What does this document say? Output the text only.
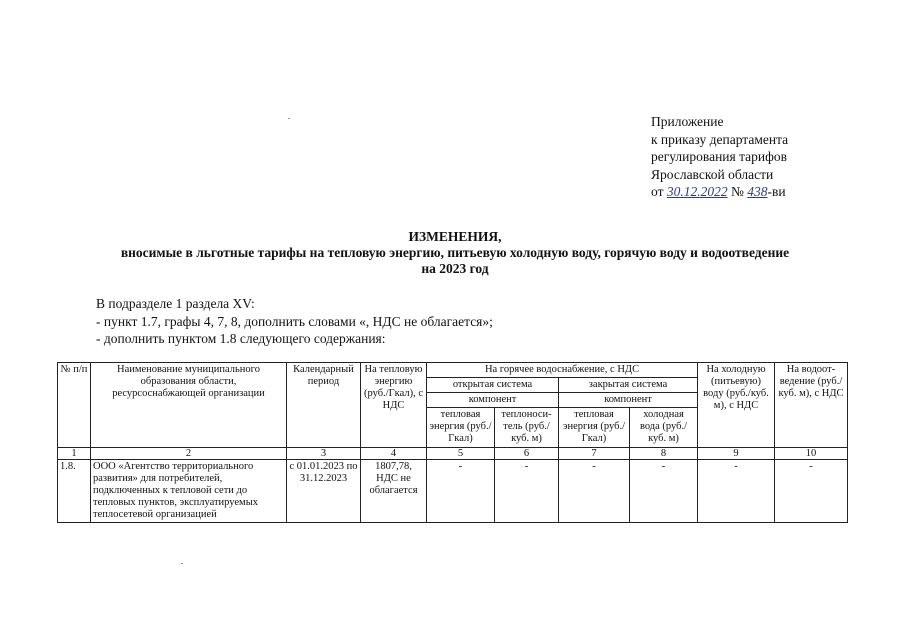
Приложение
к приказу департамента
регулирования тарифов
Ярославской области
от 30.12.2022 № 438-ви
ИЗМЕНЕНИЯ,
вносимые в льготные тарифы на тепловую энергию, питьевую холодную воду, горячую воду и водоотведение
на 2023 год
В подразделе 1 раздела XV:
- пункт 1.7, графы 4, 7, 8, дополнить словами «, НДС не облагается»;
- дополнить пунктом 1.8 следующего содержания:
№ п/п	Наименование муниципального образования области, ресурсоснабжающей организации	Календарный период	На тепловую энергию (руб./Гкал), с НДС	На горячее водоснабжение, с НДС				На холодную (питьевую) воду (руб./куб. м), с НДС	На водоот-ведение (руб./куб. м), с НДС
				открытая система		закрытая система			
				компонент		компонент			
				тепловая энергия (руб./Гкал)	теплоноси-тель (руб./куб. м)	тепловая энергия (руб./Гкал)	холодная вода (руб./куб. м)		
1	2	3	4	5	6	7	8	9	10
1.8.	ООО «Агентство территориального развития» для потребителей, подключенных к тепловой сети до тепловых пунктов, эксплуатируемых теплосетевой организацией	с 01.01.2023 по 31.12.2023	1807,78, НДС не облагается	-	-	-	-	-	-
